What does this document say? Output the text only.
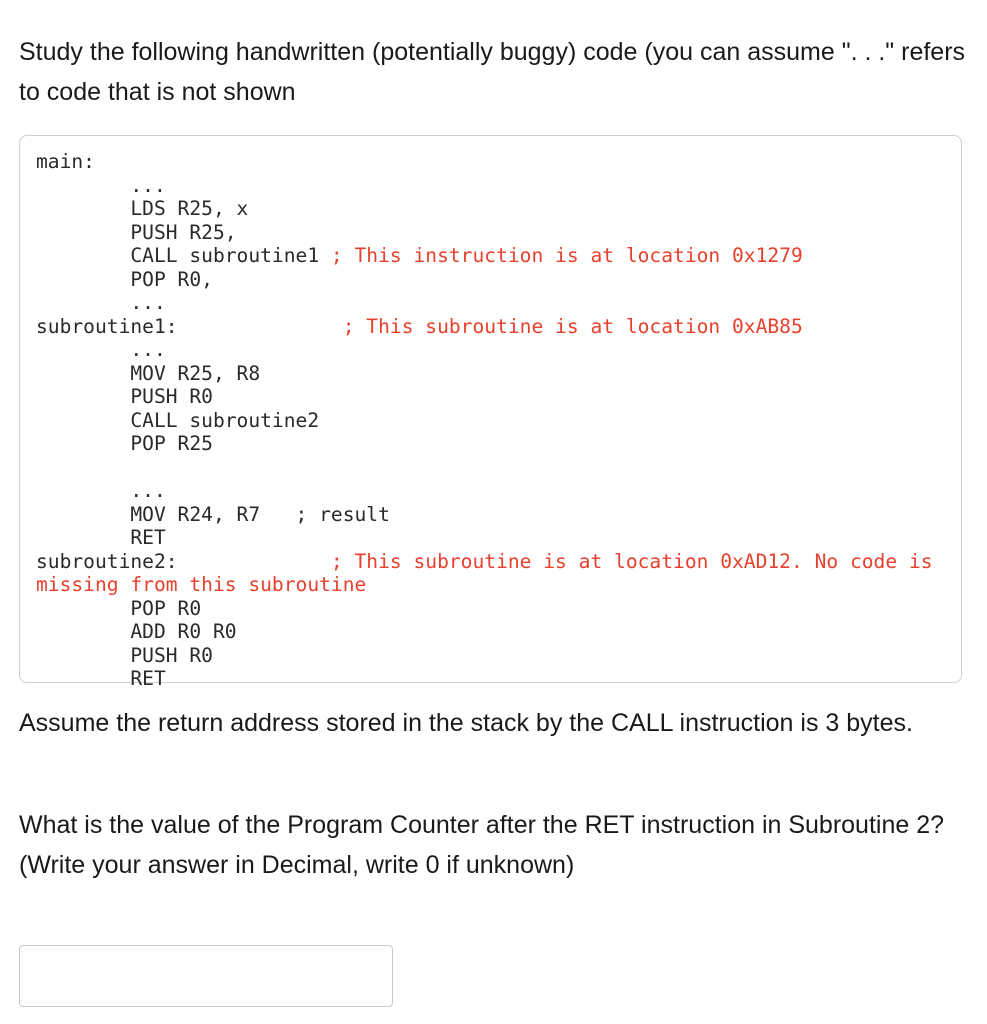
Study the following handwritten (potentially buggy) code (you can assume ". . ." refers to code that is not shown
main:
...
LDS R25, x
PUSH R25,
CALL subroutine1 ; This instruction is at location 0x1279
POP R0,
...
subroutine1:	; This subroutine is at location 0xAB85
...
MOV R25, R8
PUSH R0
CALL subroutine2
POP R25
...
MOV R24, R7   ; result
RET
subroutine2:	; This subroutine is at location 0xAD12. No code is
missing from this subroutine
POP R0
ADD R0 R0
PUSH R0
RET
Assume the return address stored in the stack by the CALL instruction is 3 bytes.
What is the value of the Program Counter after the RET instruction in Subroutine 2? (Write your answer in Decimal, write 0 if unknown)
